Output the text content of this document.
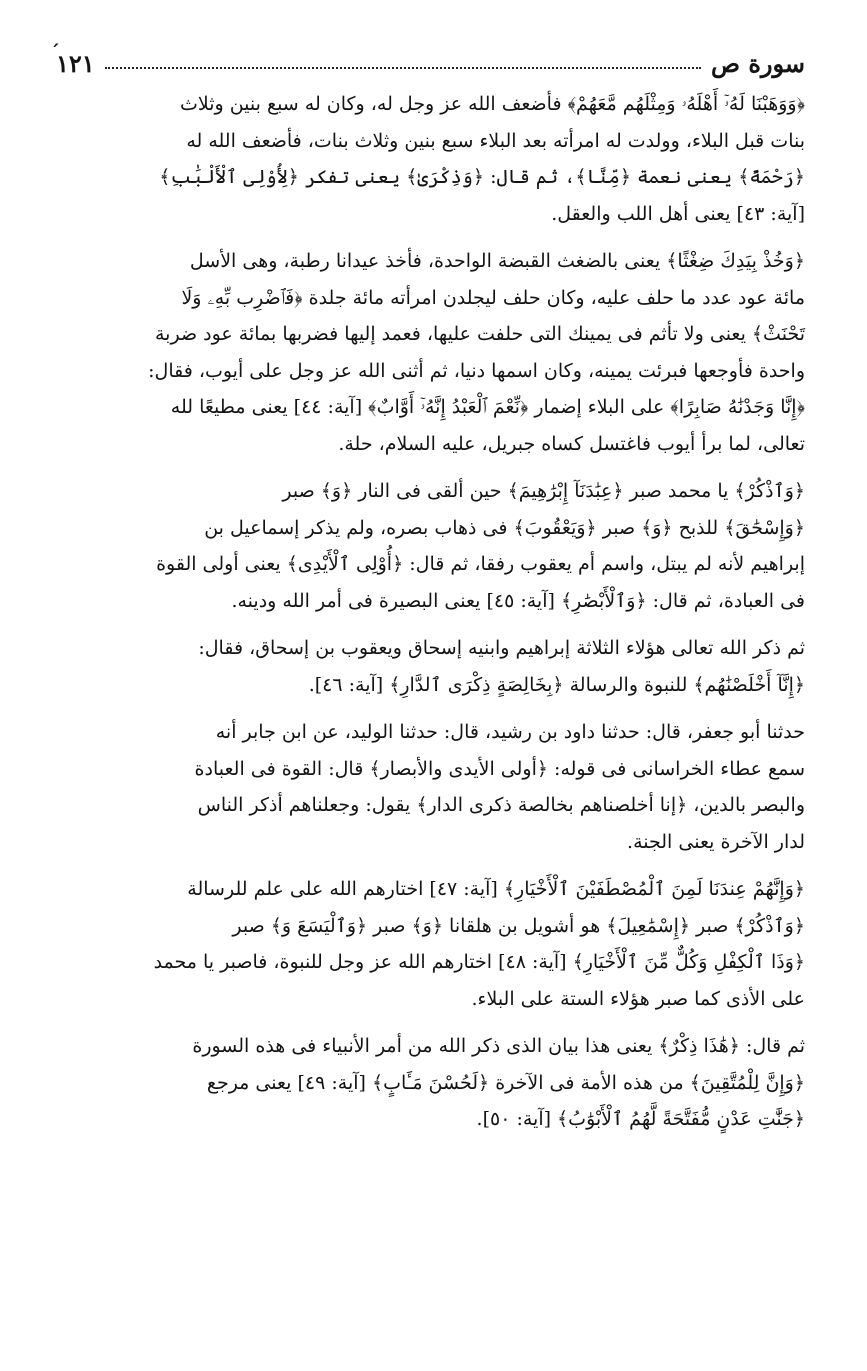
سورة ص
١٢١
´

﴿وَوَهَبْنَا لَهُۥٓ أَهْلَهُۥ وَمِثْلَهُم مَّعَهُمْ﴾ فأضعف الله عز وجل له، وكان له سبع بنين وثلاث
بنات قبل البلاء، وولدت له امرأته بعد البلاء سبع بنين وثلاث بنات، فأضعف الله له
﴿رَحْمَةً﴾ يعنى نعمة ﴿مِّنَّا﴾، ثم قال: ﴿وَذِكْرَىٰ﴾ يعنى تفكر ﴿لِأُوْلِى ٱلْأَلْبَٰبِ﴾
[آية: ٤٣] يعنى أهل اللب والعقل.

﴿وَخُذْ بِيَدِكَ ضِغْثًا﴾ يعنى بالضغث القبضة الواحدة، فأخذ عيدانا رطبة، وهى الأسل
مائة عود عدد ما حلف عليه، وكان حلف ليجلدن امرأته مائة جلدة ﴿فَٱضْرِب بِّهِۦ وَلَا
تَحْنَثْ﴾ يعنى ولا تأثم فى يمينك التى حلفت عليها، فعمد إليها فضربها بمائة عود ضربة
واحدة فأوجعها فبرئت يمينه، وكان اسمها دنيا، ثم أثنى الله عز وجل على أيوب، فقال:
﴿إِنَّا وَجَدْنَٰهُ صَابِرًا﴾ على البلاء إضمار ﴿نِّعْمَ ٱلْعَبْدُ إِنَّهُۥٓ أَوَّابٌ﴾ [آية: ٤٤] يعنى مطيعًا لله
تعالى، لما برأ أيوب فاغتسل كساه جبريل، عليه السلام، حلة.

﴿وَٱذْكُرْ﴾ يا محمد صبر ﴿عِبَٰدَنَآ إِبْرَٰهِيمَ﴾ حين ألقى فى النار ﴿وَ﴾ صبر
﴿وَإِسْحَٰقَ﴾ للذبح ﴿وَ﴾ صبر ﴿وَيَعْقُوبَ﴾ فى ذهاب بصره، ولم يذكر إسماعيل بن
إبراهيم لأنه لم يبتل، واسم أم يعقوب رفقا، ثم قال: ﴿أُوْلِى ٱلْأَيْدِى﴾ يعنى أولى القوة
فى العبادة، ثم قال: ﴿وَٱلْأَبْصَٰرِ﴾ [آية: ٤٥] يعنى البصيرة فى أمر الله ودينه.

ثم ذكر الله تعالى هؤلاء الثلاثة إبراهيم وابنيه إسحاق ويعقوب بن إسحاق، فقال:
﴿إِنَّآ أَخْلَصْنَٰهُم﴾ للنبوة والرسالة ﴿بِخَالِصَةٍ ذِكْرَى ٱلدَّارِ﴾ [آية: ٤٦].

حدثنا أبو جعفر، قال: حدثنا داود بن رشيد، قال: حدثنا الوليد، عن ابن جابر أنه
سمع عطاء الخراسانى فى قوله: ﴿أولى الأيدى والأبصار﴾ قال: القوة فى العبادة
والبصر بالدين، ﴿إنا أخلصناهم بخالصة ذكرى الدار﴾ يقول: وجعلناهم أذكر الناس
لدار الآخرة يعنى الجنة.

﴿وَإِنَّهُمْ عِندَنَا لَمِنَ ٱلْمُصْطَفَيْنَ ٱلْأَخْيَارِ﴾ [آية: ٤٧] اختارهم الله على علم للرسالة
﴿وَٱذْكُرْ﴾ صبر ﴿إِسْمَٰعِيلَ﴾ هو أشويل بن هلقانا ﴿وَ﴾ صبر ﴿وَٱلْيَسَعَ وَ﴾ صبر
﴿وَذَا ٱلْكِفْلِ وَكُلٌّ مِّنَ ٱلْأَخْيَارِ﴾ [آية: ٤٨] اختارهم الله عز وجل للنبوة، فاصبر يا محمد
على الأذى كما صبر هؤلاء الستة على البلاء.

ثم قال: ﴿هَٰذَا ذِكْرٌ﴾ يعنى هذا بيان الذى ذكر الله من أمر الأنبياء فى هذه السورة
﴿وَإِنَّ لِلْمُتَّقِينَ﴾ من هذه الأمة فى الآخرة ﴿لَحُسْنَ مَـَٔابٍ﴾ [آية: ٤٩] يعنى مرجع
﴿جَنَّٰتِ عَدْنٍ مُّفَتَّحَةً لَّهُمُ ٱلْأَبْوَٰبُ﴾ [آية: ٥٠].
